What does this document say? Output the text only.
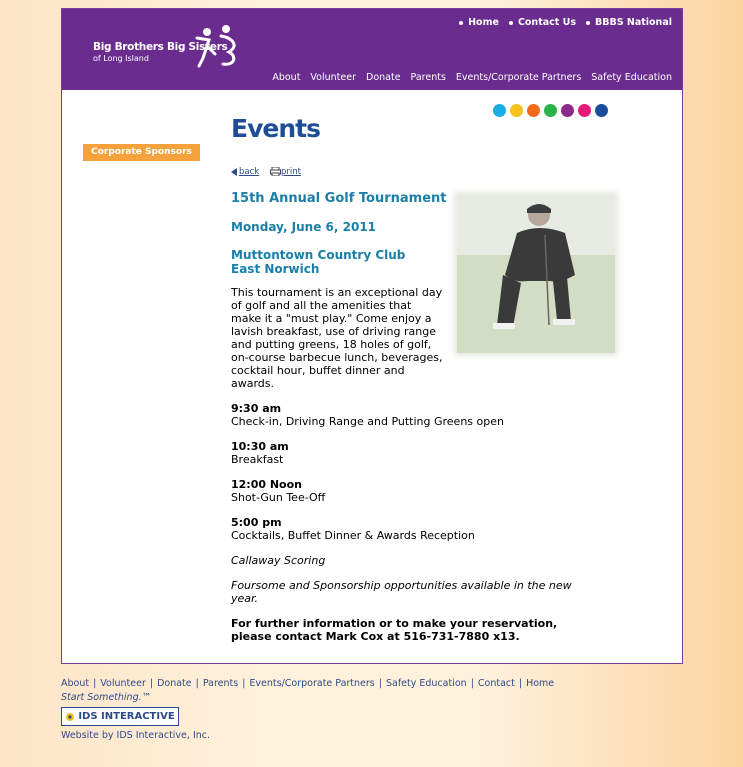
Big Brothers Big Sisters
of Long Island
Home	Contact Us	BBBS National
About Volunteer Donate Parents Events/Corporate Partners Safety Education
Events
Corporate Sponsors
back	print
15th Annual Golf Tournament
Monday, June 6, 2011
Muttontown Country Club
East Norwich
This tournament is an exceptional day of golf and all the amenities that make it a "must play." Come enjoy a lavish breakfast, use of driving range and putting greens, 18 holes of golf, on-course barbecue lunch, beverages, cocktail hour, buffet dinner and awards.
9:30 am
Check-in, Driving Range and Putting Greens open
10:30 am
Breakfast
12:00 Noon
Shot-Gun Tee-Off
5:00 pm
Cocktails, Buffet Dinner & Awards Reception
Callaway Scoring
Foursome and Sponsorship opportunities available in the new year.
For further information or to make your reservation, please contact Mark Cox at 516-731-7880 x13.
About | Volunteer | Donate | Parents | Events/Corporate Partners | Safety Education | Contact | Home
Start Something.™
IDS INTERACTIVE
Website by IDS Interactive, Inc.
